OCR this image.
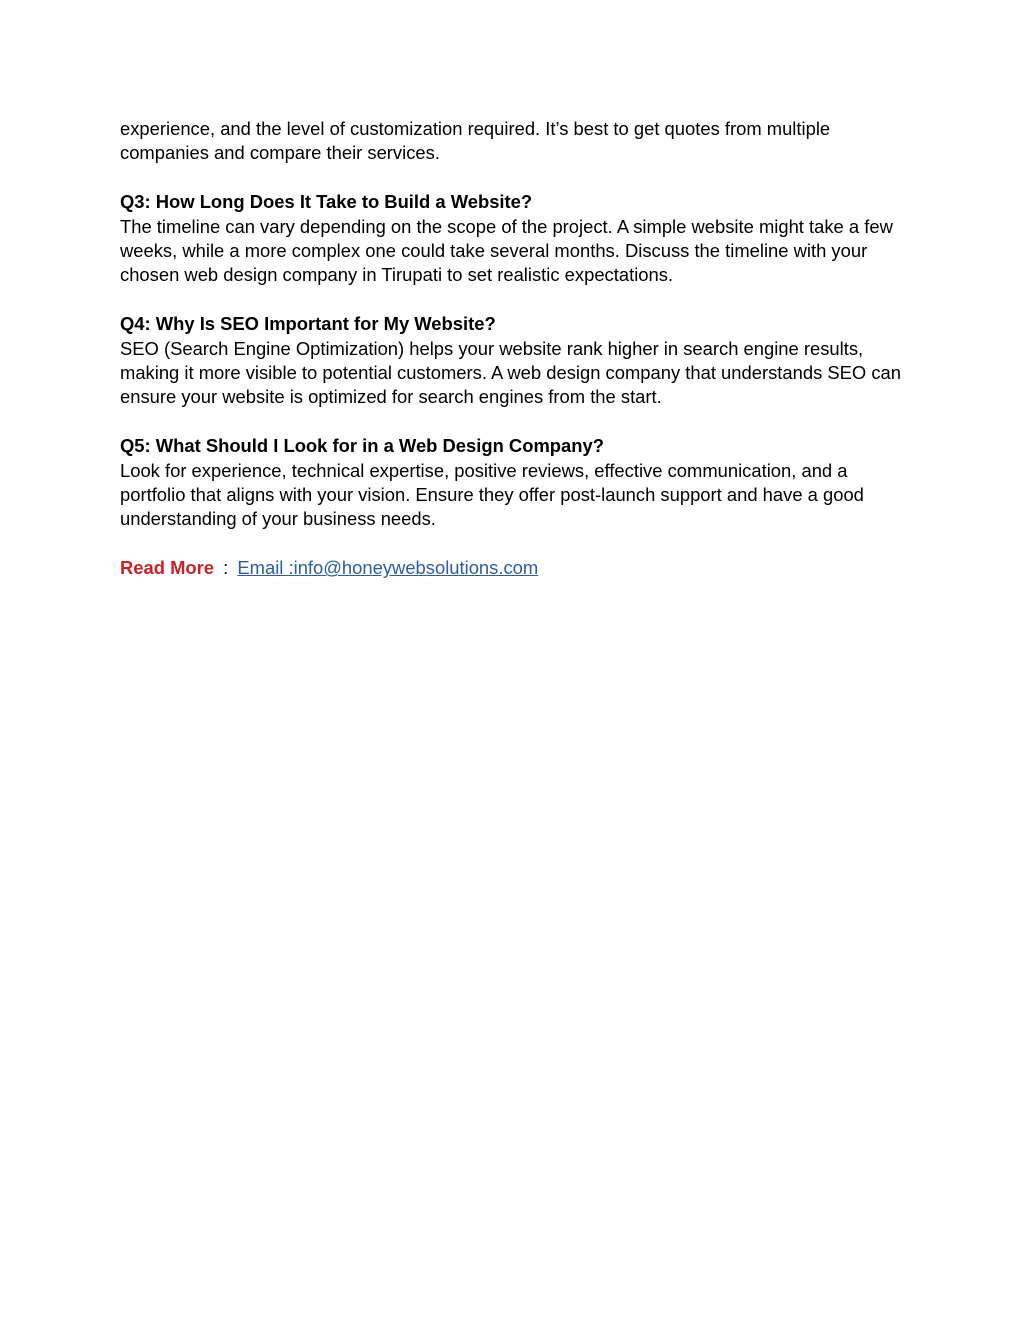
experience, and the level of customization required. It’s best to get quotes from multiple companies and compare their services.

Q3: How Long Does It Take to Build a Website?
The timeline can vary depending on the scope of the project. A simple website might take a few weeks, while a more complex one could take several months. Discuss the timeline with your chosen web design company in Tirupati to set realistic expectations.
Q4: Why Is SEO Important for My Website?
SEO (Search Engine Optimization) helps your website rank higher in search engine results, making it more visible to potential customers. A web design company that understands SEO can ensure your website is optimized for search engines from the start.
Q5: What Should I Look for in a Web Design Company?
Look for experience, technical expertise, positive reviews, effective communication, and a portfolio that aligns with your vision. Ensure they offer post-launch support and have a good understanding of your business needs.

Read More : Email :info@honeywebsolutions.com
